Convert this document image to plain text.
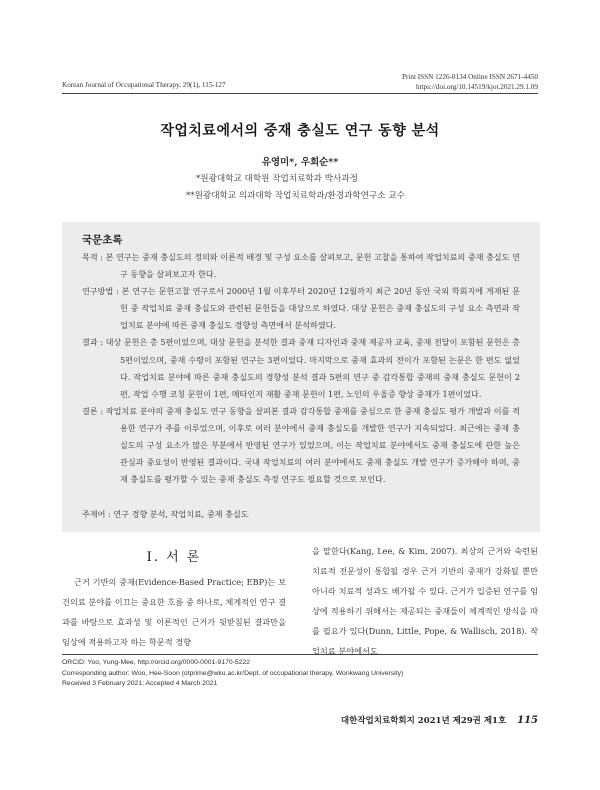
Korean Journal of Occupational Therapy, 29(1), 115-127
Print ISSN 1226-0134 Online ISSN 2671-4450
https://doi.org/10.14519/kjot.2021.29.1.09
작업치료에서의 중재 충실도 연구 동향 분석
유영미*, 우희순**
*원광대학교 대학원 작업치료학과 박사과정
**원광대학교 의과대학 작업치료학과/환경과학연구소 교수
국문초록

목적 : 본 연구는 중재 충실도의 정의와 이론적 배경 및 구성 요소를 살펴보고, 문헌 고찰을 통하여 작업치료의 중재 충실도 연구 동향을 살펴보고자 한다.

연구방법 : 본 연구는 문헌고찰 연구로서 2000년 1월 이후부터 2020년 12월까지 최근 20년 동안 국외 학회지에 게재된 문헌 중 작업치료 중재 충실도와 관련된 문헌들을 대상으로 하였다. 대상 문헌은 중재 충실도의 구성 요소 측면과 작업치료 분야에 따른 중재 충실도 경향성 측면에서 분석하였다.

결과 : 대상 문헌은 총 5편이었으며, 대상 문헌을 분석한 결과 중재 디자인과 중재 제공자 교육, 중재 전달이 포함된 문헌은 총 5편이었으며, 중재 수령이 포함된 연구는 3편이었다. 마지막으로 중재 효과의 전이가 포함된 논문은 한 편도 없었다. 작업치료 분야에 따른 중재 충실도의 경향성 분석 결과 5편의 연구 중 감각통합 중재의 중재 충실도 문헌이 2편, 작업 수행 코칭 문헌이 1편, 메타인지 재활 중재 문헌이 1편, 노인의 우울증 향상 중재가 1편이었다.

결론 : 작업치료 분야의 중재 충실도 연구 동향을 살펴본 결과 감각통합 중재를 중심으로 한 중재 충실도 평가 개발과 이를 적용한 연구가 주를 이루었으며, 이후로 여러 분야에서 중재 충실도를 개발한 연구가 지속되었다. 최근에는 중재 충실도의 구성 요소가 많은 부분에서 반영된 연구가 있었으며, 이는 작업치료 분야에서도 중재 충실도에 관한 높은 관심과 중요성이 반영된 결과이다. 국내 작업치료의 여러 분야에서도 중재 충실도 개발 연구가 증가해야 하며, 중재 충실도를 평가할 수 있는 중재 충실도 측정 연구도 필요할 것으로 보인다.

주제어 : 연구 경향 분석, 작업치료, 중재 충실도
Ⅰ. 서 론

근거 기반의 중재(Evidence-Based Practice; EBP)는 보건의료 분야를 이끄는 중요한 흐름 중 하나로, 체계적인 연구 결과를 바탕으로 효과성 및 이론적인 근거가 뒷받침된 결과만을 임상에 적용하고자 하는 학문적 경향

을 말한다(Kang, Lee, & Kim, 2007). 최상의 근거와 숙련된 치료적 전문성이 통합될 경우 근거 기반의 중재가 강화될 뿐만 아니라 치료적 성과도 배가될 수 있다. 근거가 입증된 연구를 임상에 적용하기 위해서는 제공되는 중재들이 체계적인 방식을 따를 필요가 있다(Dunn, Little, Pope, & Wallisch, 2018). 작업치료 분야에서도

ORCID: Yoo, Yung-Mee, http://orcid.org/0000-0001-9170-5222
Corresponding author: Woo, Hee-Soon (otprime@wku.ac.kr/Dept. of occupational therapy, Wonkwang University)
Received 3 February 2021; Accepted 4 March 2021
대한작업치료학회지 2021년 제29권 제1호 115
